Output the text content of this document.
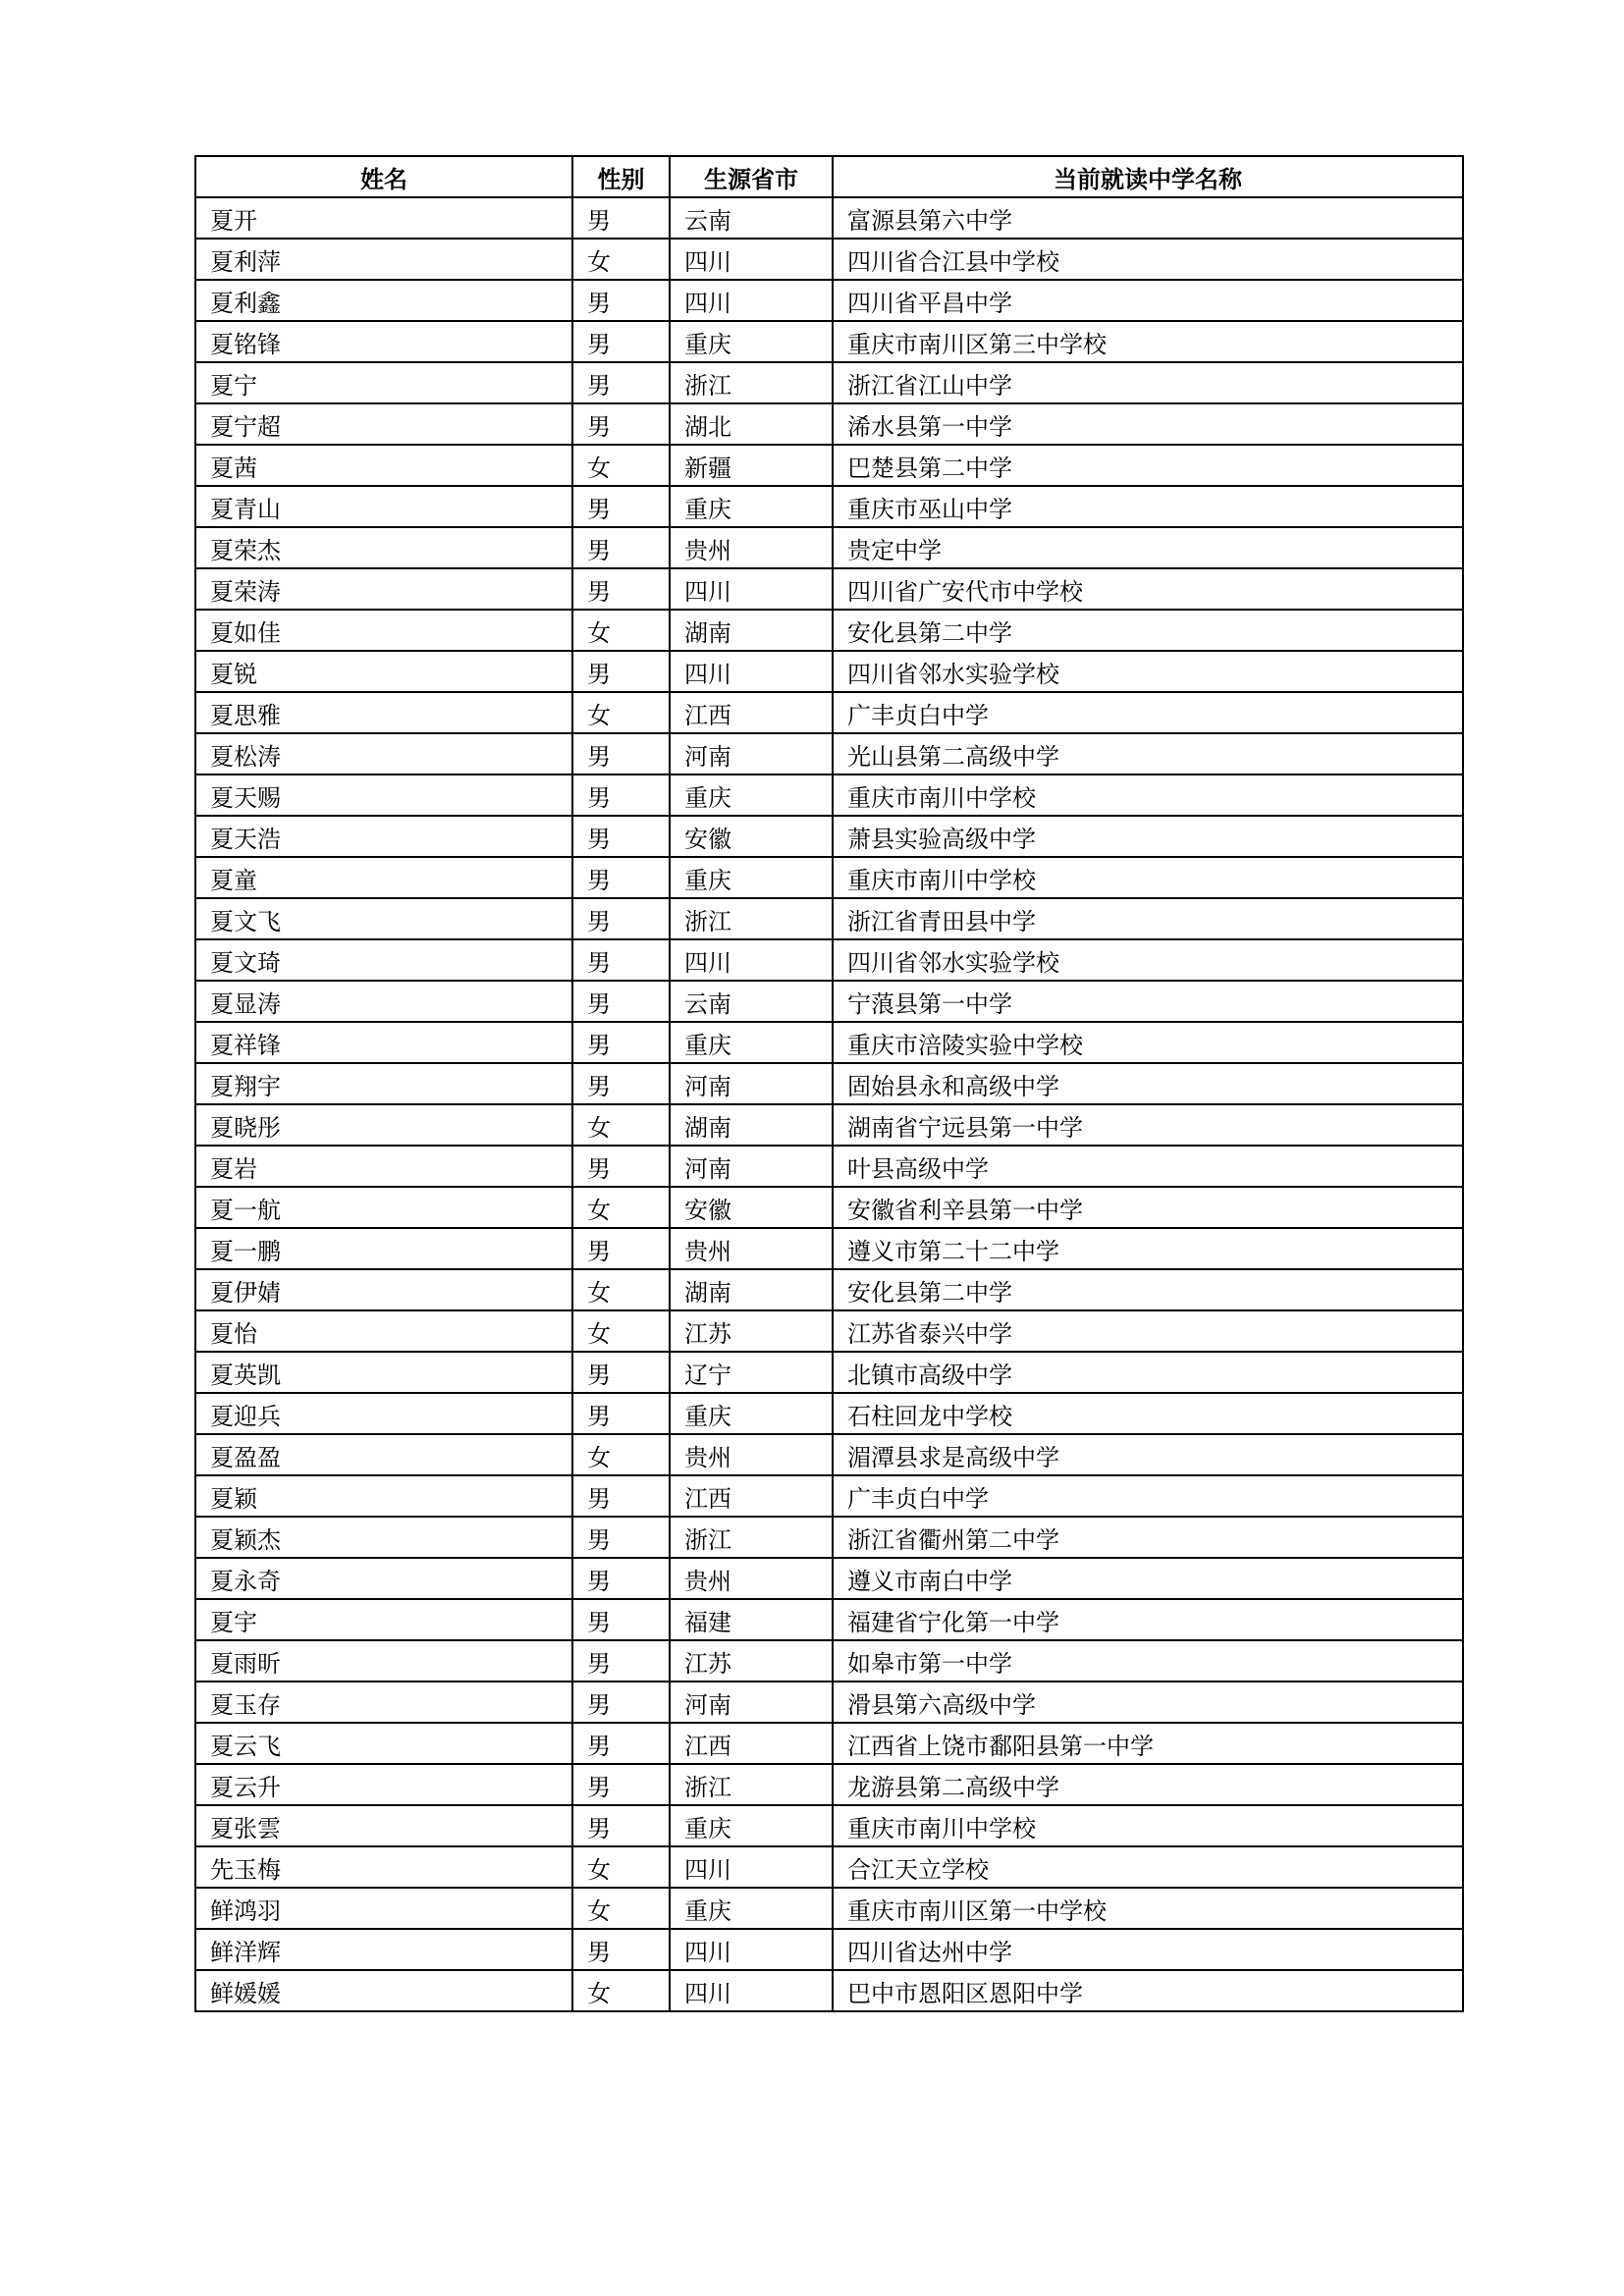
姓名	性别	生源省市	当前就读中学名称
夏开	男	云南	富源县第六中学
夏利萍	女	四川	四川省合江县中学校
夏利鑫	男	四川	四川省平昌中学
夏铭锋	男	重庆	重庆市南川区第三中学校
夏宁	男	浙江	浙江省江山中学
夏宁超	男	湖北	浠水县第一中学
夏茜	女	新疆	巴楚县第二中学
夏青山	男	重庆	重庆市巫山中学
夏荣杰	男	贵州	贵定中学
夏荣涛	男	四川	四川省广安代市中学校
夏如佳	女	湖南	安化县第二中学
夏锐	男	四川	四川省邻水实验学校
夏思雅	女	江西	广丰贞白中学
夏松涛	男	河南	光山县第二高级中学
夏天赐	男	重庆	重庆市南川中学校
夏天浩	男	安徽	萧县实验高级中学
夏童	男	重庆	重庆市南川中学校
夏文飞	男	浙江	浙江省青田县中学
夏文琦	男	四川	四川省邻水实验学校
夏显涛	男	云南	宁蒗县第一中学
夏祥锋	男	重庆	重庆市涪陵实验中学校
夏翔宇	男	河南	固始县永和高级中学
夏晓彤	女	湖南	湖南省宁远县第一中学
夏岩	男	河南	叶县高级中学
夏一航	女	安徽	安徽省利辛县第一中学
夏一鹏	男	贵州	遵义市第二十二中学
夏伊婧	女	湖南	安化县第二中学
夏怡	女	江苏	江苏省泰兴中学
夏英凯	男	辽宁	北镇市高级中学
夏迎兵	男	重庆	石柱回龙中学校
夏盈盈	女	贵州	湄潭县求是高级中学
夏颖	男	江西	广丰贞白中学
夏颖杰	男	浙江	浙江省衢州第二中学
夏永奇	男	贵州	遵义市南白中学
夏宇	男	福建	福建省宁化第一中学
夏雨昕	男	江苏	如皋市第一中学
夏玉存	男	河南	滑县第六高级中学
夏云飞	男	江西	江西省上饶市鄱阳县第一中学
夏云升	男	浙江	龙游县第二高级中学
夏张雲	男	重庆	重庆市南川中学校
先玉梅	女	四川	合江天立学校
鲜鸿羽	女	重庆	重庆市南川区第一中学校
鲜洋辉	男	四川	四川省达州中学
鲜媛媛	女	四川	巴中市恩阳区恩阳中学
